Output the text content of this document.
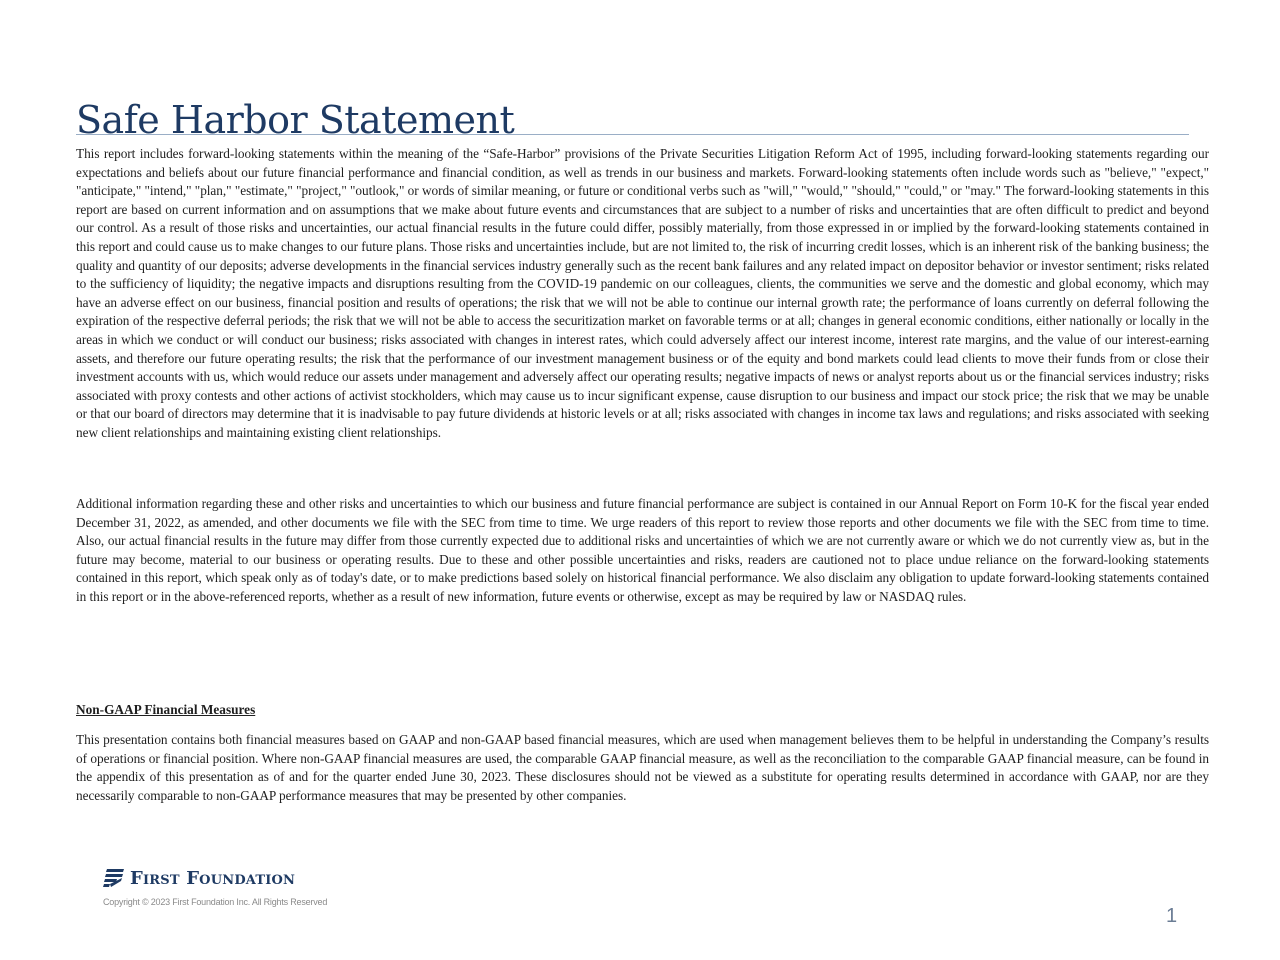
Safe Harbor Statement

This report includes forward-looking statements within the meaning of the “Safe-Harbor” provisions of the Private Securities Litigation Reform Act of 1995, including forward-looking statements regarding our expectations and beliefs about our future financial performance and financial condition, as well as trends in our business and markets. Forward-looking statements often include words such as "believe," "expect," "anticipate," "intend," "plan," "estimate," "project," "outlook," or words of similar meaning, or future or conditional verbs such as "will," "would," "should," "could," or "may." The forward-looking statements in this report are based on current information and on assumptions that we make about future events and circumstances that are subject to a number of risks and uncertainties that are often difficult to predict and beyond our control. As a result of those risks and uncertainties, our actual financial results in the future could differ, possibly materially, from those expressed in or implied by the forward-looking statements contained in this report and could cause us to make changes to our future plans. Those risks and uncertainties include, but are not limited to, the risk of incurring credit losses, which is an inherent risk of the banking business; the quality and quantity of our deposits; adverse developments in the financial services industry generally such as the recent bank failures and any related impact on depositor behavior or investor sentiment; risks related to the sufficiency of liquidity; the negative impacts and disruptions resulting from the COVID-19 pandemic on our colleagues, clients, the communities we serve and the domestic and global economy, which may have an adverse effect on our business, financial position and results of operations; the risk that we will not be able to continue our internal growth rate; the performance of loans currently on deferral following the expiration of the respective deferral periods; the risk that we will not be able to access the securitization market on favorable terms or at all; changes in general economic conditions, either nationally or locally in the areas in which we conduct or will conduct our business; risks associated with changes in interest rates, which could adversely affect our interest income, interest rate margins, and the value of our interest-earning assets, and therefore our future operating results; the risk that the performance of our investment management business or of the equity and bond markets could lead clients to move their funds from or close their investment accounts with us, which would reduce our assets under management and adversely affect our operating results; negative impacts of news or analyst reports about us or the financial services industry; risks associated with proxy contests and other actions of activist stockholders, which may cause us to incur significant expense, cause disruption to our business and impact our stock price; the risk that we may be unable or that our board of directors may determine that it is inadvisable to pay future dividends at historic levels or at all; risks associated with changes in income tax laws and regulations; and risks associated with seeking new client relationships and maintaining existing client relationships.

Additional information regarding these and other risks and uncertainties to which our business and future financial performance are subject is contained in our Annual Report on Form 10-K for the fiscal year ended December 31, 2022, as amended, and other documents we file with the SEC from time to time. We urge readers of this report to review those reports and other documents we file with the SEC from time to time. Also, our actual financial results in the future may differ from those currently expected due to additional risks and uncertainties of which we are not currently aware or which we do not currently view as, but in the future may become, material to our business or operating results. Due to these and other possible uncertainties and risks, readers are cautioned not to place undue reliance on the forward-looking statements contained in this report, which speak only as of today's date, or to make predictions based solely on historical financial performance. We also disclaim any obligation to update forward-looking statements contained in this report or in the above-referenced reports, whether as a result of new information, future events or otherwise, except as may be required by law or NASDAQ rules.

Non-GAAP Financial Measures

This presentation contains both financial measures based on GAAP and non-GAAP based financial measures, which are used when management believes them to be helpful in understanding the Company’s results of operations or financial position. Where non-GAAP financial measures are used, the comparable GAAP financial measure, as well as the reconciliation to the comparable GAAP financial measure, can be found in the appendix of this presentation as of and for the quarter ended June 30, 2023. These disclosures should not be viewed as a substitute for operating results determined in accordance with GAAP, nor are they necessarily comparable to non-GAAP performance measures that may be presented by other companies.

First Foundation
Copyright © 2023 First Foundation Inc. All Rights Reserved
1
